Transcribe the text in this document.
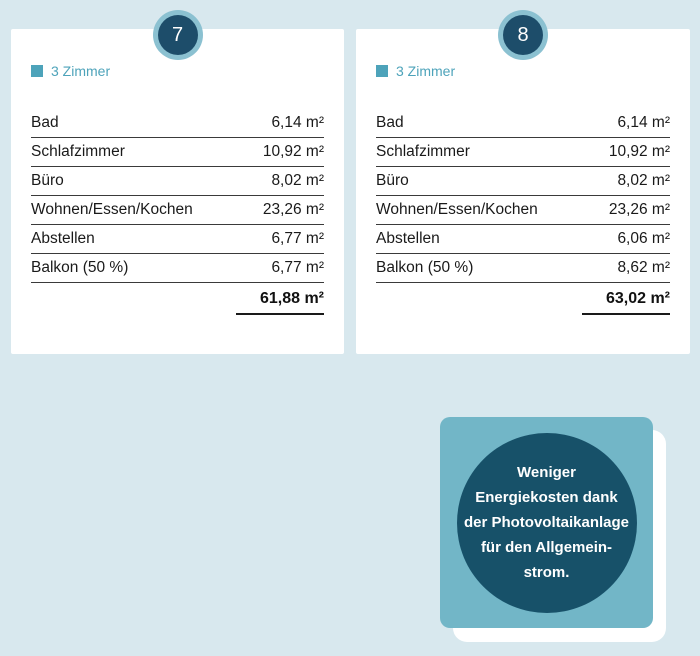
7
3 Zimmer
Bad	6,14 m²
Schlafzimmer	10,92 m²
Büro	8,02 m²
Wohnen/Essen/Kochen	23,26 m²
Abstellen	6,77 m²
Balkon (50 %)	6,77 m²
61,88 m²
8
3 Zimmer
Bad	6,14 m²
Schlafzimmer	10,92 m²
Büro	8,02 m²
Wohnen/Essen/Kochen	23,26 m²
Abstellen	6,06 m²
Balkon (50 %)	8,62 m²
63,02 m²
Weniger
Energiekosten dank
der Photovoltaikanlage
für den Allgemein-
strom.
